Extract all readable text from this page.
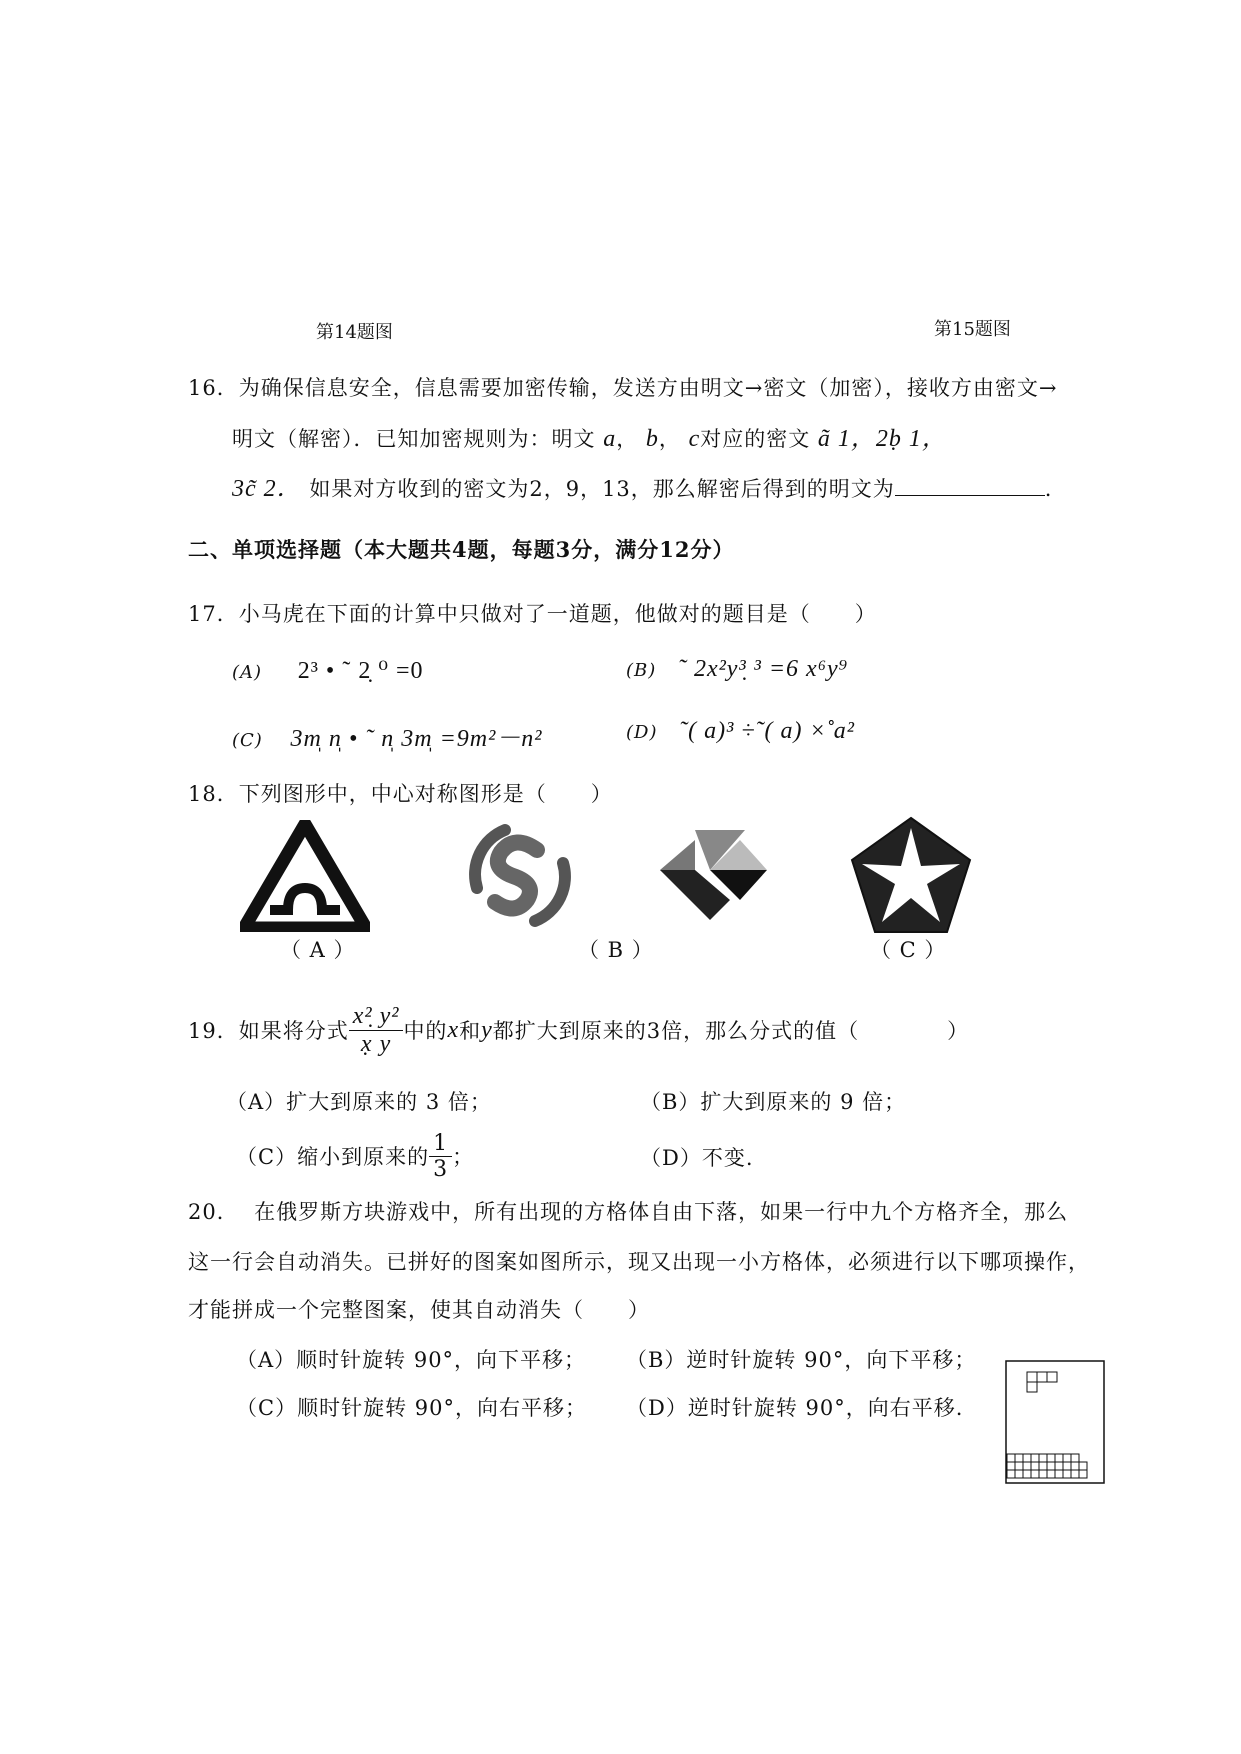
第14题图	第15题图
16．为确保信息安全，信息需要加密传输，发送方由明文→密文（加密），接收方由密文→
明文（解密）．已知加密规则为：明文 a， b， c对应的密文 ã 1，2ḅ 1，
3c̃ 2． 如果对方收到的密文为2，9，13，那么解密后得到的明文为	.
二、单项选择题（本大题共4题，每题3分，满分12分）
17．小马虎在下面的计算中只做对了一道题，他做对的题目是（　　）
(A) 2³ • ˜ 2̣ ⁰ =0	(B) ˜ 2x²y³̣ ³ =6 x⁶y⁹
(C) 3m̩ n̩ • ˜ n̩ 3m̩ =9m²－n²	(D) ˜( a)³ ÷˜( a) ×̊̊ a²
18．下列图形中，中心对称图形是（　　）
（ A ）	（ B ）	（ C ）
19． 如果将分式 $\frac{\text{x²̣ y²}}{x̣ y}$ 中的 x 和 y 都扩大到原来的3倍，那么分式的值（　　　　）
（A）扩大到原来的 3 倍；	（B）扩大到原来的 9 倍；
（C）缩小到原来的 $\frac{1}{3}$ ；	（D）不变.
20． 在俄罗斯方块游戏中，所有出现的方格体自由下落，如果一行中九个方格齐全，那么
这一行会自动消失。已拼好的图案如图所示，现又出现一小方格体，必须进行以下哪项操作，
才能拼成一个完整图案，使其自动消失（　　）
（A）顺时针旋转 90°，向下平移； （B）逆时针旋转 90°，向下平移；
（C）顺时针旋转 90°，向右平移； （D）逆时针旋转 90°，向右平移.
